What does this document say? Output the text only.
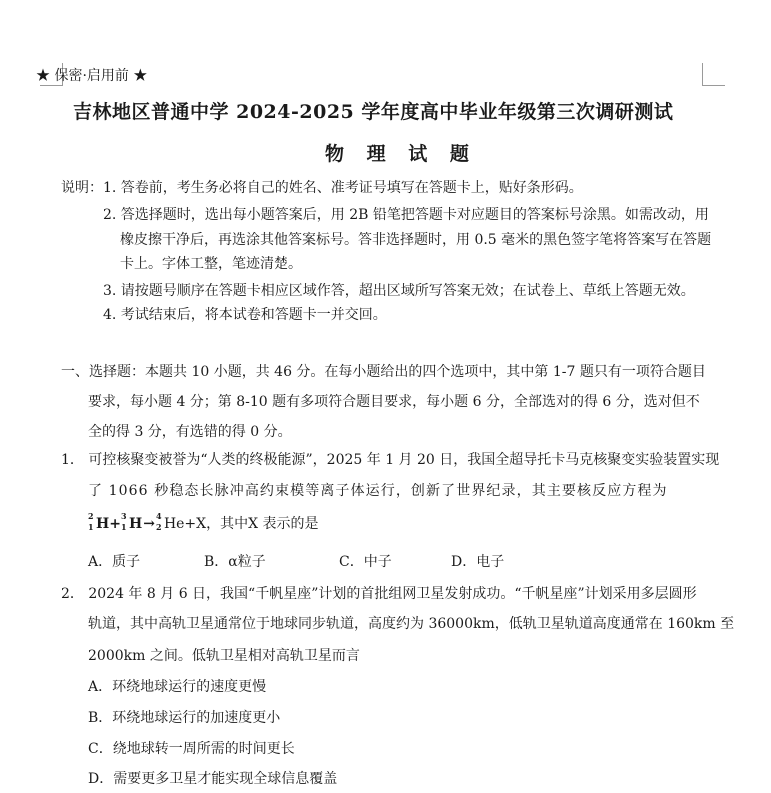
★ 保密·启用前 ★
吉林地区普通中学 2024-2025 学年度高中毕业年级第三次调研测试
物 理 试 题
说明： 1. 答卷前，考生务必将自己的姓名、准考证号填写在答题卡上，贴好条形码。
2. 答选择题时，选出每小题答案后，用 2B 铅笔把答题卡对应题目的答案标号涂黑。如需改动，用
橡皮擦干净后，再选涂其他答案标号。答非选择题时，用 0.5 毫米的黑色签字笔将答案写在答题
卡上。字体工整，笔迹清楚。
3. 请按题号顺序在答题卡相应区域作答，超出区域所写答案无效；在试卷上、草纸上答题无效。
4. 考试结束后，将本试卷和答题卡一并交回。
一、选择题：本题共 10 小题，共 46 分。在每小题给出的四个选项中，其中第 1-7 题只有一项符合题目
要求，每小题 4 分；第 8-10 题有多项符合题目要求，每小题 6 分，全部选对的得 6 分，选对但不
全的得 3 分，有选错的得 0 分。
1． 可控核聚变被誉为“人类的终极能源”，2025 年 1 月 20 日，我国全超导托卡马克核聚变实验装置实现
了 1066 秒稳态长脉冲高约束模等离子体运行，创新了世界纪录，其主要核反应方程为
2
1 H+ 3
1 H→ 4
2 He+X，其中X 表示的是
A．质子	B．α粒子	C．中子	D．电子
2． 2024 年 8 月 6 日，我国“千帆星座”计划的首批组网卫星发射成功。“千帆星座”计划采用多层圆形
轨道，其中高轨卫星通常位于地球同步轨道，高度约为 36000km，低轨卫星轨道高度通常在 160km 至
2000km 之间。低轨卫星相对高轨卫星而言
A．环绕地球运行的速度更慢
B．环绕地球运行的加速度更小
C．绕地球转一周所需的时间更长
D．需要更多卫星才能实现全球信息覆盖
